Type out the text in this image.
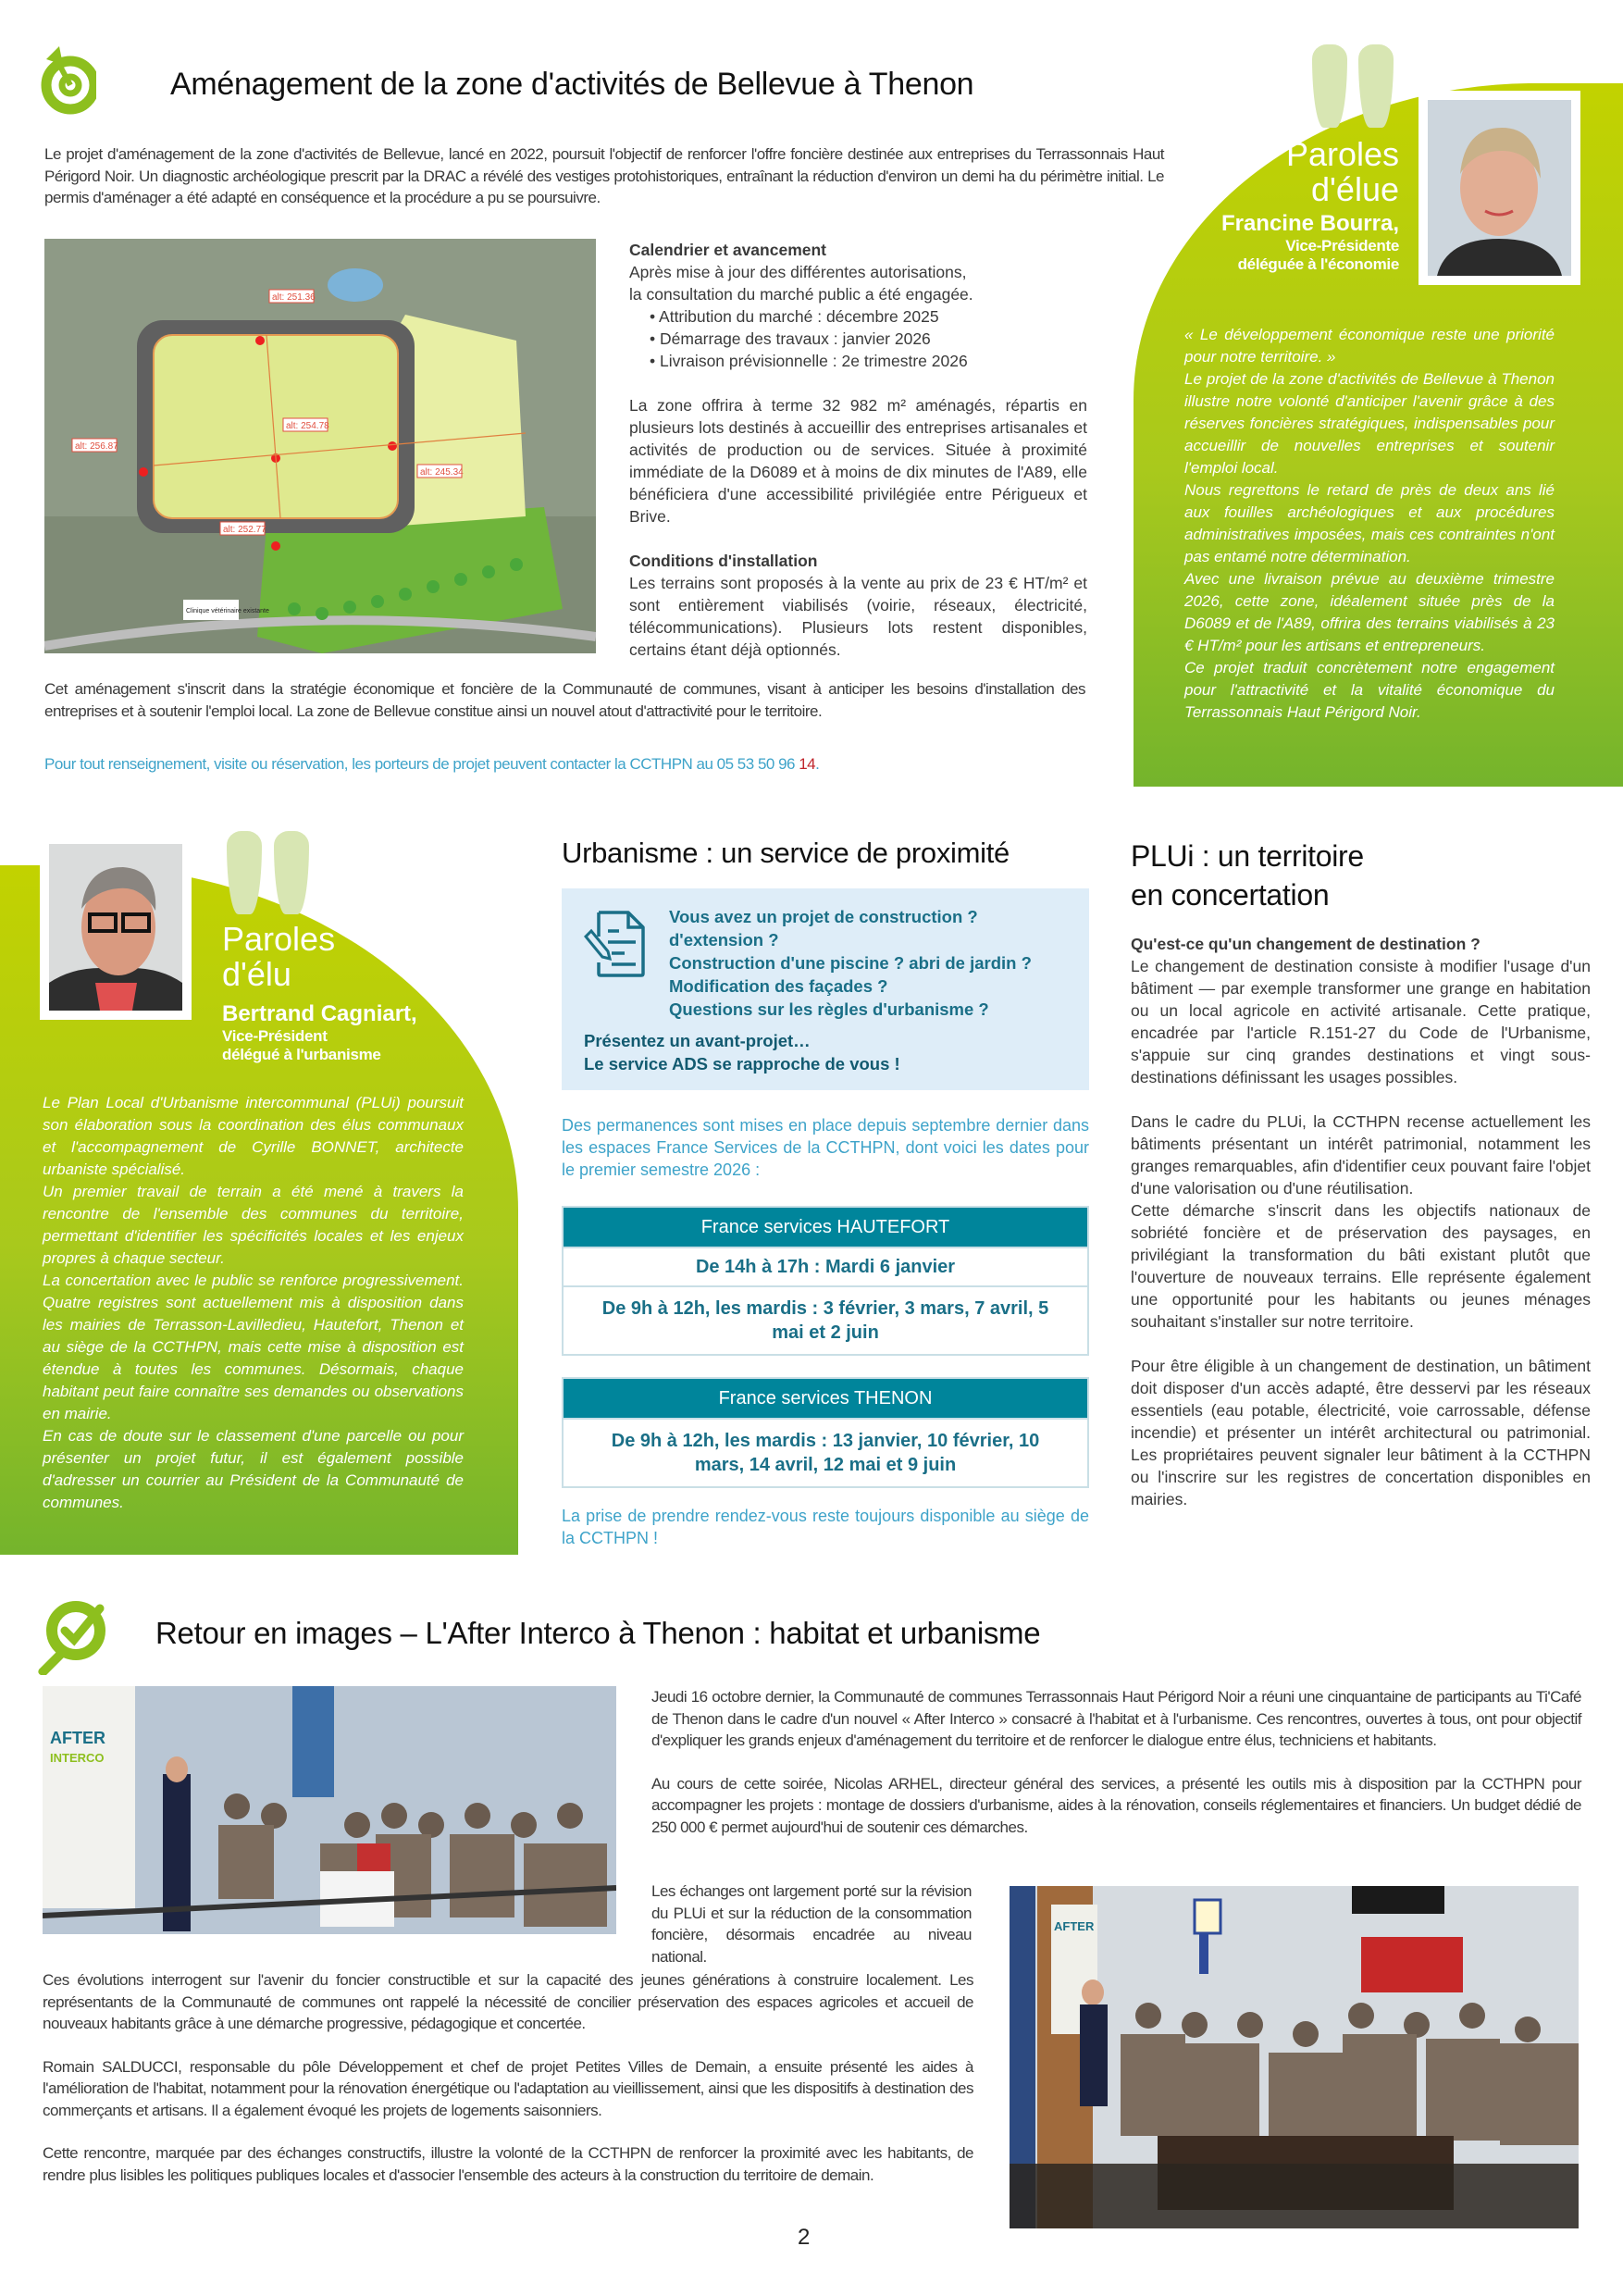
Aménagement de la zone d'activités de Bellevue à Thenon

Le projet d'aménagement de la zone d'activités de Bellevue, lancé en 2022, poursuit l'objectif de renforcer l'offre foncière destinée aux entreprises du Terrassonnais Haut Périgord Noir. Un diagnostic archéologique prescrit par la DRAC a révélé des vestiges protohistoriques, entraînant la réduction d'environ un demi ha du périmètre initial. Le permis d'aménager a été adapté en conséquence et la procédure a pu se poursuivre.

alt: 251.36
alt: 254.78
alt: 256.87
alt: 245.34
alt: 252.77
Clinique vétérinaire existante
Calendrier et avancement
Après mise à jour des différentes autorisations,
la consultation du marché public a été engagée.
• Attribution du marché : décembre 2025
• Démarrage des travaux : janvier 2026
• Livraison prévisionnelle : 2e trimestre 2026

La zone offrira à terme 32 982 m² aménagés, répartis en plusieurs lots destinés à accueillir des entreprises artisanales et activités de production ou de services. Située à proximité immédiate de la D6089 et à moins de dix minutes de l'A89, elle bénéficiera d'une accessibilité privilégiée entre Périgueux et Brive.

Conditions d'installation

Les terrains sont proposés à la vente au prix de 23 € HT/m² et sont entièrement viabilisés (voirie, réseaux, électricité, télécommunications). Plusieurs lots restent disponibles, certains étant déjà optionnés.

Cet aménagement s'inscrit dans la stratégie économique et foncière de la Communauté de communes, visant à anticiper les besoins d'installation des entreprises et à soutenir l'emploi local. La zone de Bellevue constitue ainsi un nouvel atout d'attractivité pour le territoire.

Pour tout renseignement, visite ou réservation, les porteurs de projet peuvent contacter la CCTHPN au 05 53 50 96 14.

Paroles
d'élue
Francine Bourra,
Vice-Présidente
déléguée à l'économie

« Le développement économique reste une priorité pour notre territoire. »

Le projet de la zone d'activités de Bellevue à Thenon illustre notre volonté d'anticiper l'avenir grâce à des réserves foncières stratégiques, indispensables pour accueillir de nouvelles entreprises et soutenir l'emploi local.

Nous regrettons le retard de près de deux ans lié aux fouilles archéologiques et aux procédures administratives imposées, mais ces contraintes n'ont pas entamé notre détermination.

Avec une livraison prévue au deuxième trimestre 2026, cette zone, idéalement située près de la D6089 et de l'A89, offrira des terrains viabilisés à 23 € HT/m² pour les artisans et entrepreneurs.

Ce projet traduit concrètement notre engagement pour l'attractivité et la vitalité économique du Terrassonnais Haut Périgord Noir.

Paroles
d'élu
Bertrand Cagniart,
Vice-Président
délégué à l'urbanisme

Le Plan Local d'Urbanisme intercommunal (PLUi) poursuit son élaboration sous la coordination des élus communaux et l'accompagnement de Cyrille BONNET, architecte urbaniste spécialisé.

Un premier travail de terrain a été mené à travers la rencontre de l'ensemble des communes du territoire, permettant d'identifier les spécificités locales et les enjeux propres à chaque secteur.

La concertation avec le public se renforce progressivement. Quatre registres sont actuellement mis à disposition dans les mairies de Terrasson-Lavilledieu, Hautefort, Thenon et au siège de la CCTHPN, mais cette mise à disposition est étendue à toutes les communes. Désormais, chaque habitant peut faire connaître ses demandes ou observations en mairie.

En cas de doute sur le classement d'une parcelle ou pour présenter un projet futur, il est également possible d'adresser un courrier au Président de la Communauté de communes.

Urbanisme : un service de proximité
Vous avez un projet de construction ?
d'extension ?
Construction d'une piscine ? abri de jardin ?
Modification des façades ?
Questions sur les règles d'urbanisme ?
Présentez un avant-projet…
Le service ADS se rapproche de vous !

Des permanences sont mises en place depuis septembre dernier dans les espaces France Services de la CCTHPN, dont voici les dates pour le premier semestre 2026 :

France services HAUTEFORT
De 14h à 17h : Mardi 6 janvier
De 9h à 12h, les mardis : 3 février, 3 mars, 7 avril, 5 mai et 2 juin
France services THENON
De 9h à 12h, les mardis : 13 janvier, 10 février, 10 mars, 14 avril, 12 mai et 9 juin

La prise de prendre rendez-vous reste toujours disponible au siège de la CCTHPN !

PLUi : un territoire
en concertation
Qu'est-ce qu'un changement de destination ?

Le changement de destination consiste à modifier l'usage d'un bâtiment — par exemple transformer une grange en habitation ou un local agricole en activité artisanale. Cette pratique, encadrée par l'article R.151-27 du Code de l'Urbanisme, s'appuie sur cinq grandes destinations et vingt sous-destinations définissant les usages possibles.

Dans le cadre du PLUi, la CCTHPN recense actuellement les bâtiments présentant un intérêt patrimonial, notamment les granges remarquables, afin d'identifier ceux pouvant faire l'objet d'une valorisation ou d'une réutilisation.

Cette démarche s'inscrit dans les objectifs nationaux de sobriété foncière et de préservation des paysages, en privilégiant la transformation du bâti existant plutôt que l'ouverture de nouveaux terrains. Elle représente également une opportunité pour les habitants ou jeunes ménages souhaitant s'installer sur notre territoire.

Pour être éligible à un changement de destination, un bâtiment doit disposer d'un accès adapté, être desservi par les réseaux essentiels (eau potable, électricité, voie carrossable, défense incendie) et présenter un intérêt architectural ou patrimonial. Les propriétaires peuvent signaler leur bâtiment à la CCTHPN ou l'inscrire sur les registres de concertation disponibles en mairies.

Retour en images – L'After Interco à Thenon : habitat et urbanisme
AFTER
INTERCO

Jeudi 16 octobre dernier, la Communauté de communes Terrassonnais Haut Périgord Noir a réuni une cinquantaine de participants au Ti'Café de Thenon dans le cadre d'un nouvel « After Interco » consacré à l'habitat et à l'urbanisme. Ces rencontres, ouvertes à tous, ont pour objectif d'expliquer les grands enjeux d'aménagement du territoire et de renforcer le dialogue entre élus, techniciens et habitants.

Au cours de cette soirée, Nicolas ARHEL, directeur général des services, a présenté les outils mis à disposition par la CCTHPN pour accompagner les projets : montage de dossiers d'urbanisme, aides à la rénovation, conseils réglementaires et financiers. Un budget dédié de 250 000 € permet aujourd'hui de soutenir ces démarches.

Les échanges ont largement porté sur la révision du PLUi et sur la réduction de la consommation foncière, désormais encadrée au niveau national.

AFTER

Ces évolutions interrogent sur l'avenir du foncier constructible et sur la capacité des jeunes générations à construire localement. Les représentants de la Communauté de communes ont rappelé la nécessité de concilier préservation des espaces agricoles et accueil de nouveaux habitants grâce à une démarche progressive, pédagogique et concertée.

Romain SALDUCCI, responsable du pôle Développement et chef de projet Petites Villes de Demain, a ensuite présenté les aides à l'amélioration de l'habitat, notamment pour la rénovation énergétique ou l'adaptation au vieillissement, ainsi que les dispositifs à destination des commerçants et artisans. Il a également évoqué les projets de logements saisonniers.

Cette rencontre, marquée par des échanges constructifs, illustre la volonté de la CCTHPN de renforcer la proximité avec les habitants, de rendre plus lisibles les politiques publiques locales et d'associer l'ensemble des acteurs à la construction du territoire de demain.

2
